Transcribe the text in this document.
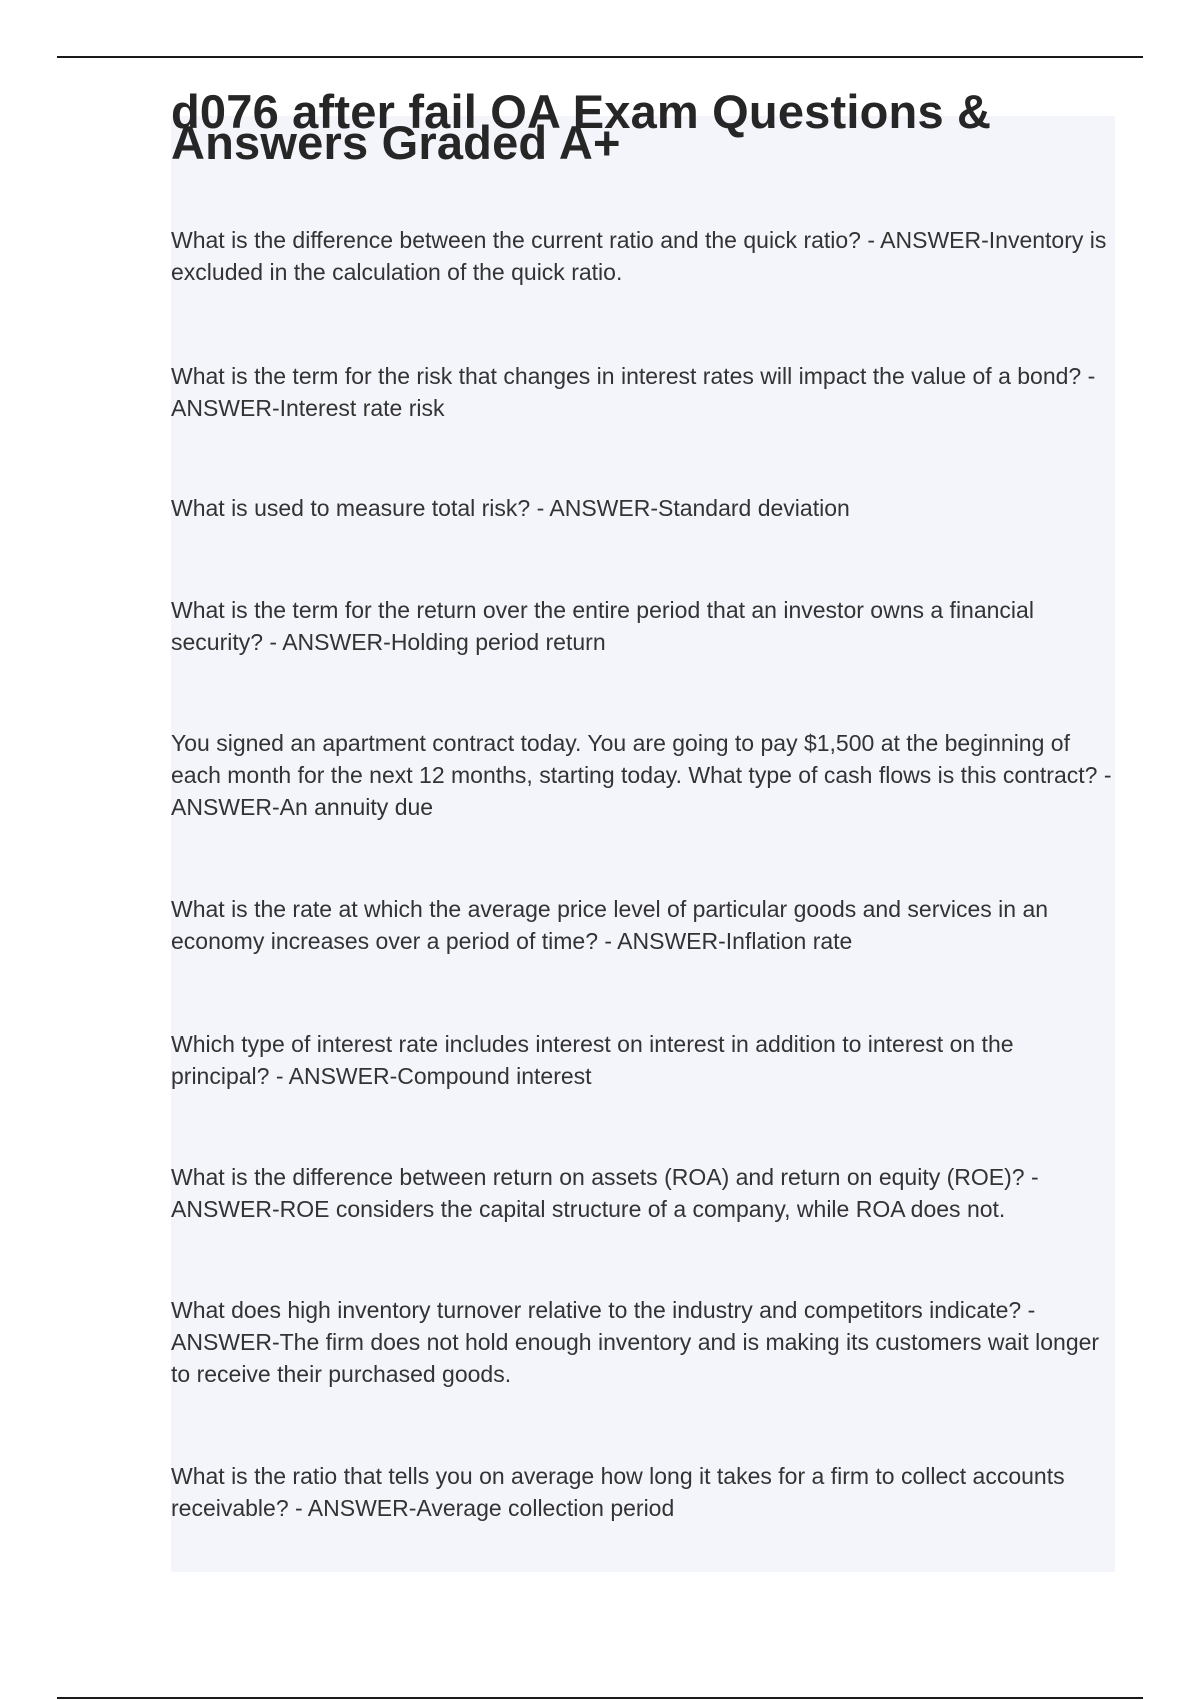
d076 after fail OA Exam Questions & Answers Graded A+
What is the difference between the current ratio and the quick ratio? - ANSWER-Inventory is excluded in the calculation of the quick ratio.
What is the term for the risk that changes in interest rates will impact the value of a bond? - ANSWER-Interest rate risk
What is used to measure total risk? - ANSWER-Standard deviation
What is the term for the return over the entire period that an investor owns a financial security? - ANSWER-Holding period return
You signed an apartment contract today. You are going to pay $1,500 at the beginning of each month for the next 12 months, starting today. What type of cash flows is this contract? - ANSWER-An annuity due
What is the rate at which the average price level of particular goods and services in an economy increases over a period of time? - ANSWER-Inflation rate
Which type of interest rate includes interest on interest in addition to interest on the principal? - ANSWER-Compound interest
What is the difference between return on assets (ROA) and return on equity (ROE)? - ANSWER-ROE considers the capital structure of a company, while ROA does not.
What does high inventory turnover relative to the industry and competitors indicate? - ANSWER-The firm does not hold enough inventory and is making its customers wait longer to receive their purchased goods.
What is the ratio that tells you on average how long it takes for a firm to collect accounts receivable? - ANSWER-Average collection period
